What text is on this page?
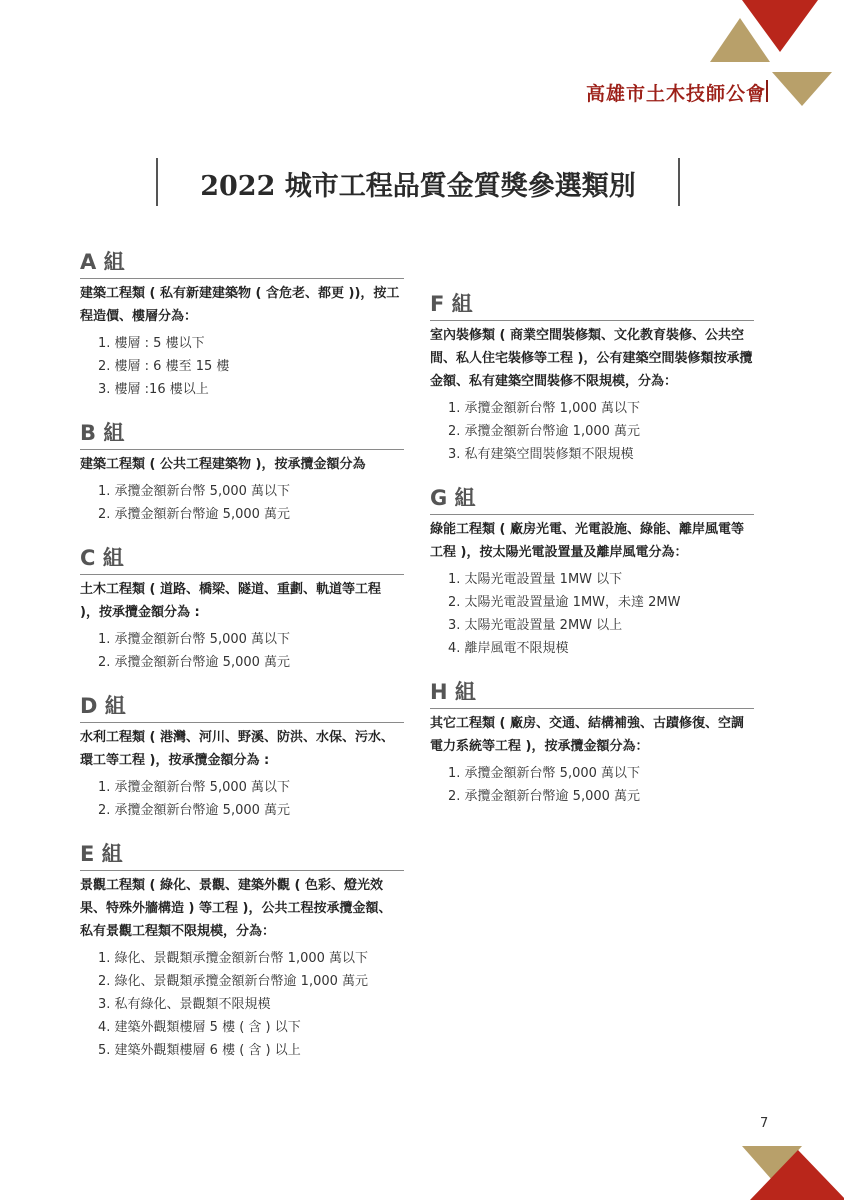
高雄市土木技師公會
2022 城市工程品質金質獎參選類別
A 組
建築工程類 ( 私有新建建築物 ( 含危老、都更 ))，按工程造價、樓層分為：
1. 樓層 : 5 樓以下
2. 樓層 : 6 樓至 15 樓
3. 樓層 :16 樓以上
B 組
建築工程類 ( 公共工程建築物 )，按承攬金額分為
1. 承攬金額新台幣 5,000 萬以下
2. 承攬金額新台幣逾 5,000 萬元
C 組
土木工程類 ( 道路、橋梁、隧道、重劃、軌道等工程 )，按承攬金額分為 :
1. 承攬金額新台幣 5,000 萬以下
2. 承攬金額新台幣逾 5,000 萬元
D 組
水利工程類 ( 港灣、河川、野溪、防洪、水保、污水、環工等工程 )，按承攬金額分為 :
1. 承攬金額新台幣 5,000 萬以下
2. 承攬金額新台幣逾 5,000 萬元
E 組
景觀工程類 ( 綠化、景觀、建築外觀 ( 色彩、燈光效果、特殊外牆構造 ) 等工程 )，公共工程按承攬金額、私有景觀工程類不限規模，分為：
1. 綠化、景觀類承攬金額新台幣 1,000 萬以下
2. 綠化、景觀類承攬金額新台幣逾 1,000 萬元
3. 私有綠化、景觀類不限規模
4. 建築外觀類樓層 5 樓 ( 含 ) 以下
5. 建築外觀類樓層 6 樓 ( 含 ) 以上
F 組
室內裝修類 ( 商業空間裝修類、文化教育裝修、公共空間、私人住宅裝修等工程 )，公有建築空間裝修類按承攬金額、私有建築空間裝修不限規模，分為：
1. 承攬金額新台幣 1,000 萬以下
2. 承攬金額新台幣逾 1,000 萬元
3. 私有建築空間裝修類不限規模
G 組
綠能工程類 ( 廠房光電、光電設施、綠能、離岸風電等工程 )，按太陽光電設置量及離岸風電分為：
1. 太陽光電設置量 1MW 以下
2. 太陽光電設置量逾 1MW，未達 2MW
3. 太陽光電設置量 2MW 以上
4. 離岸風電不限規模
H 組
其它工程類 ( 廠房、交通、結構補強、古蹟修復、空調電力系統等工程 )，按承攬金額分為：
1. 承攬金額新台幣 5,000 萬以下
2. 承攬金額新台幣逾 5,000 萬元
7
